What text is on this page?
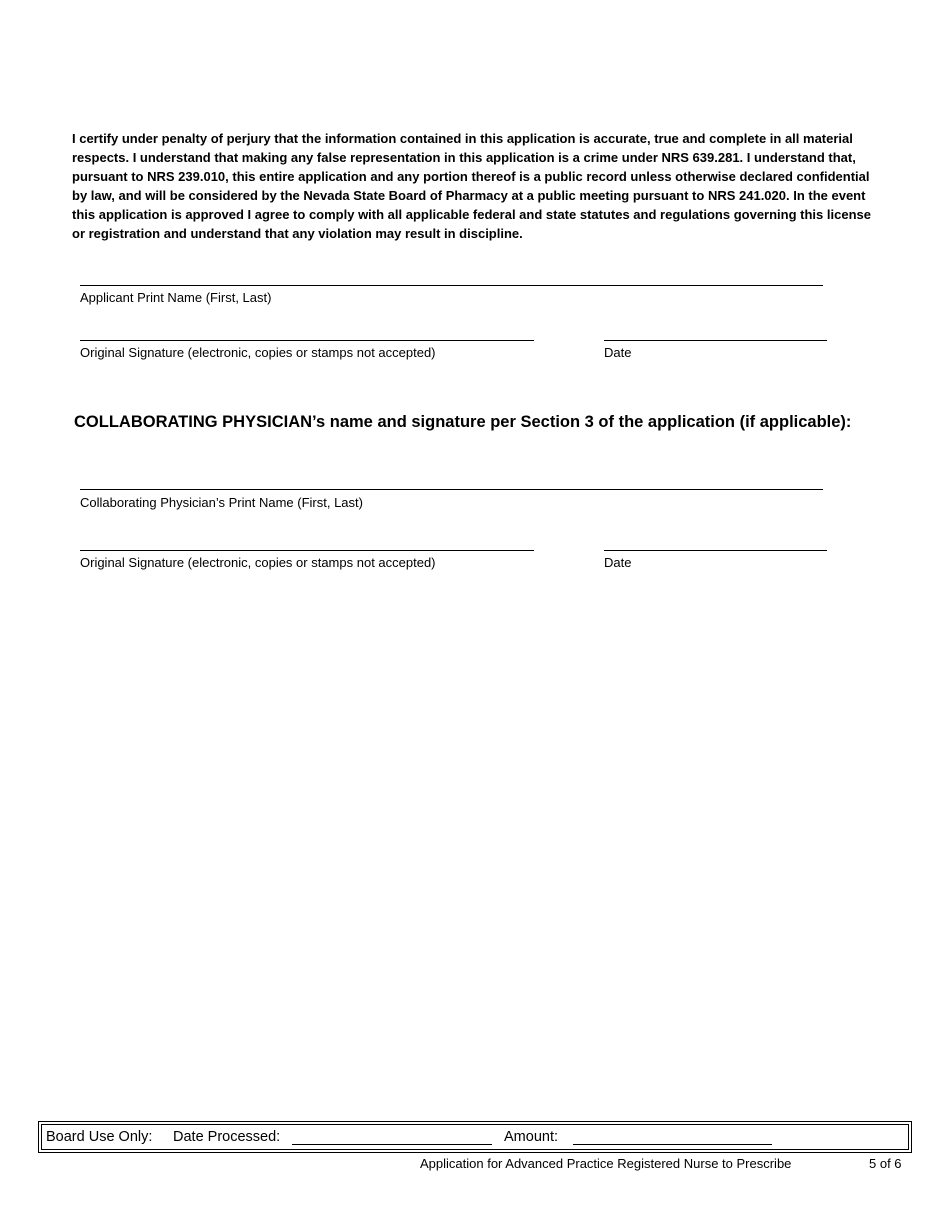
I certify under penalty of perjury that the information contained in this application is accurate, true and complete in all material respects. I understand that making any false representation in this application is a crime under NRS 639.281. I understand that, pursuant to NRS 239.010, this entire application and any portion thereof is a public record unless otherwise declared confidential by law, and will be considered by the Nevada State Board of Pharmacy at a public meeting pursuant to NRS 241.020. In the event this application is approved I agree to comply with all applicable federal and state statutes and regulations governing this license or registration and understand that any violation may result in discipline.

Applicant Print Name (First, Last)
Original Signature (electronic, copies or stamps not accepted)	Date
COLLABORATING PHYSICIAN’s name and signature per Section 3 of the application (if applicable):
Collaborating Physician’s Print Name (First, Last)
Original Signature (electronic, copies or stamps not accepted)	Date
Board Use Only: Date Processed:	Amount:
Application for Advanced Practice Registered Nurse to Prescribe	5 of 6
